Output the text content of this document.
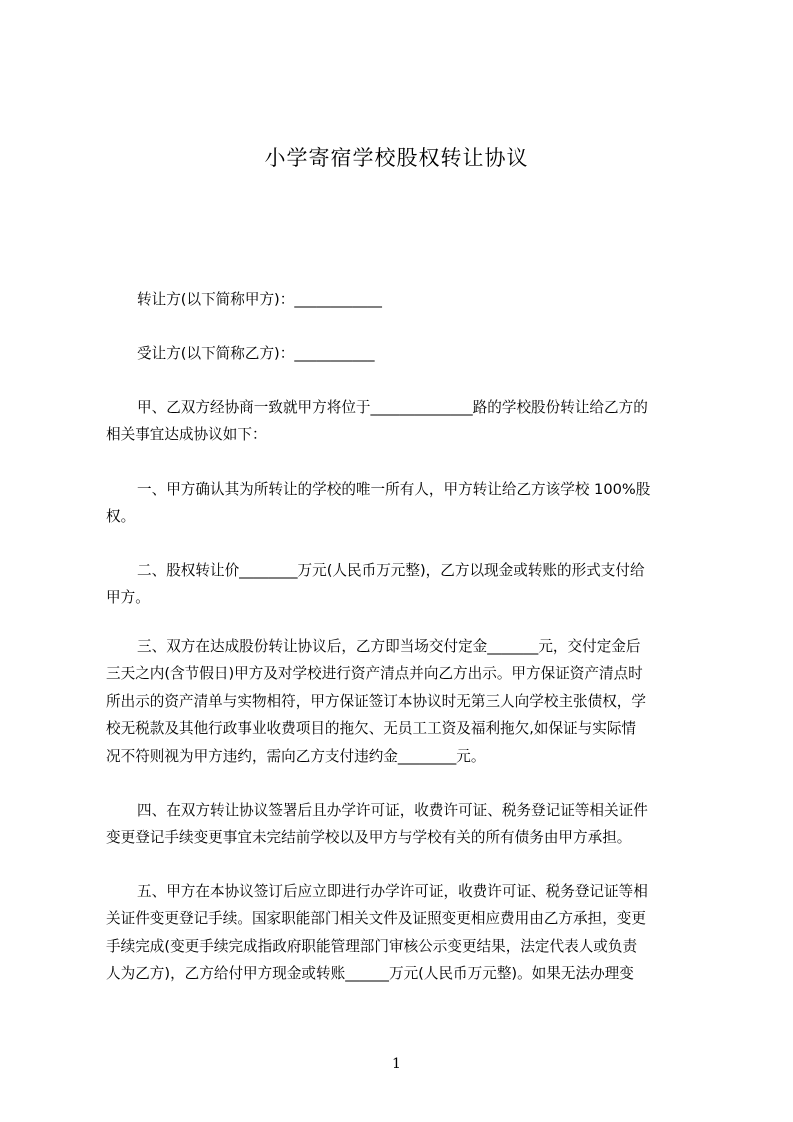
小学寄宿学校股权转让协议
转让方(以下简称甲方)：____________
受让方(以下简称乙方)：___________
甲、乙双方经协商一致就甲方将位于______________路的学校股份转让给乙方的
相关事宜达成协议如下：
一、甲方确认其为所转让的学校的唯一所有人，甲方转让给乙方该学校 100%股
权。
二、股权转让价________万元(人民币万元整)，乙方以现金或转账的形式支付给
甲方。
三、双方在达成股份转让协议后，乙方即当场交付定金_______元，交付定金后
三天之内(含节假日)甲方及对学校进行资产清点并向乙方出示。甲方保证资产清点时
所出示的资产清单与实物相符，甲方保证签订本协议时无第三人向学校主张债权，学
校无税款及其他行政事业收费项目的拖欠、无员工工资及福利拖欠,如保证与实际情
况不符则视为甲方违约，需向乙方支付违约金________元。
四、在双方转让协议签署后且办学许可证，收费许可证、税务登记证等相关证件
变更登记手续变更事宜未完结前学校以及甲方与学校有关的所有债务由甲方承担。
五、甲方在本协议签订后应立即进行办学许可证，收费许可证、税务登记证等相
关证件变更登记手续。国家职能部门相关文件及证照变更相应费用由乙方承担，变更
手续完成(变更手续完成指政府职能管理部门审核公示变更结果，法定代表人或负责
人为乙方)，乙方给付甲方现金或转账______万元(人民币万元整)。如果无法办理变
1
